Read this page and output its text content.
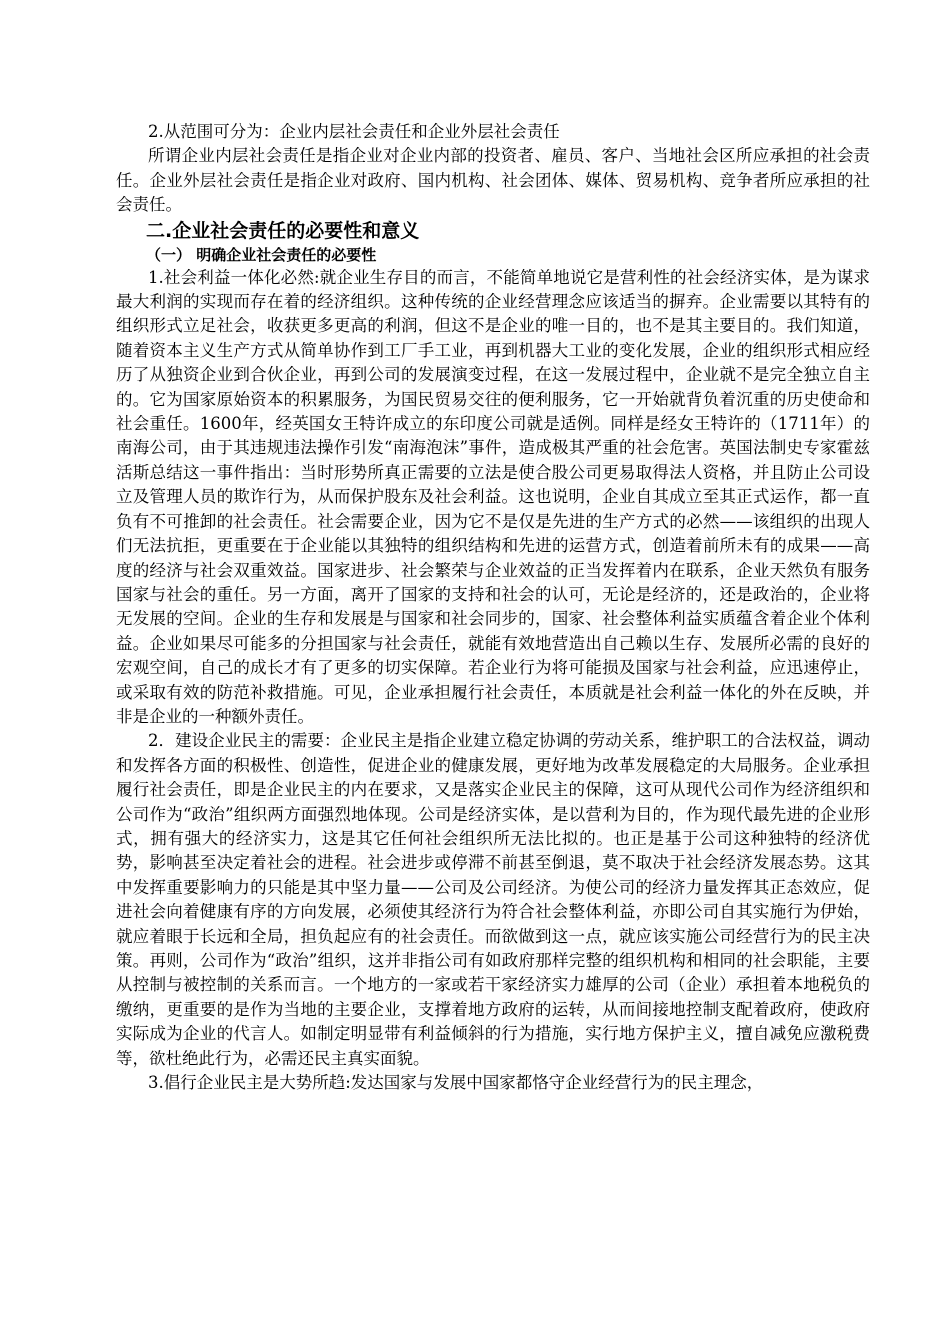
2.从范围可分为：企业内层社会责任和企业外层社会责任

所谓企业内层社会责任是指企业对企业内部的投资者、雇员、客户、当地社会区所应承担的社会责任。企业外层社会责任是指企业对政府、国内机构、社会团体、媒体、贸易机构、竞争者所应承担的社会责任。

二.企业社会责任的必要性和意义
（一） 明确企业社会责任的必要性

1.社会利益一体化必然:就企业生存目的而言，不能简单地说它是营利性的社会经济实体，是为谋求最大利润的实现而存在着的经济组织。这种传统的企业经营理念应该适当的摒弃。企业需要以其特有的组织形式立足社会，收获更多更高的利润，但这不是企业的唯一目的，也不是其主要目的。我们知道，随着资本主义生产方式从简单协作到工厂手工业，再到机器大工业的变化发展，企业的组织形式相应经历了从独资企业到合伙企业，再到公司的发展演变过程，在这一发展过程中，企业就不是完全独立自主的。它为国家原始资本的积累服务，为国民贸易交往的便利服务，它一开始就背负着沉重的历史使命和社会重任。1600年，经英国女王特许成立的东印度公司就是适例。同样是经女王特许的（1711年）的南海公司，由于其违规违法操作引发“南海泡沫”事件，造成极其严重的社会危害。英国法制史专家霍兹活斯总结这一事件指出：当时形势所真正需要的立法是使合股公司更易取得法人资格，并且防止公司设立及管理人员的欺诈行为，从而保护股东及社会利益。这也说明，企业自其成立至其正式运作，都一直负有不可推卸的社会责任。社会需要企业，因为它不是仅是先进的生产方式的必然——该组织的出现人们无法抗拒，更重要在于企业能以其独特的组织结构和先进的运营方式，创造着前所未有的成果——高度的经济与社会双重效益。国家进步、社会繁荣与企业效益的正当发挥着内在联系，企业天然负有服务国家与社会的重任。另一方面，离开了国家的支持和社会的认可，无论是经济的，还是政治的，企业将无发展的空间。企业的生存和发展是与国家和社会同步的，国家、社会整体利益实质蕴含着企业个体利益。企业如果尽可能多的分担国家与社会责任，就能有效地营造出自己赖以生存、发展所必需的良好的宏观空间，自己的成长才有了更多的切实保障。若企业行为将可能损及国家与社会利益，应迅速停止，或采取有效的防范补救措施。可见，企业承担履行社会责任，本质就是社会利益一体化的外在反映，并非是企业的一种额外责任。

2．建设企业民主的需要：企业民主是指企业建立稳定协调的劳动关系，维护职工的合法权益，调动和发挥各方面的积极性、创造性，促进企业的健康发展，更好地为改革发展稳定的大局服务。企业承担履行社会责任，即是企业民主的内在要求，又是落实企业民主的保障，这可从现代公司作为经济组织和公司作为“政治”组织两方面强烈地体现。公司是经济实体，是以营利为目的，作为现代最先进的企业形式，拥有强大的经济实力，这是其它任何社会组织所无法比拟的。也正是基于公司这种独特的经济优势，影响甚至决定着社会的进程。社会进步或停滞不前甚至倒退，莫不取决于社会经济发展态势。这其中发挥重要影响力的只能是其中坚力量——公司及公司经济。为使公司的经济力量发挥其正态效应，促进社会向着健康有序的方向发展，必须使其经济行为符合社会整体利益，亦即公司自其实施行为伊始，就应着眼于长远和全局，担负起应有的社会责任。而欲做到这一点，就应该实施公司经营行为的民主决策。再则，公司作为“政治”组织，这并非指公司有如政府那样完整的组织机构和相同的社会职能，主要从控制与被控制的关系而言。一个地方的一家或若干家经济实力雄厚的公司（企业）承担着本地税负的缴纳，更重要的是作为当地的主要企业，支撑着地方政府的运转，从而间接地控制支配着政府，使政府实际成为企业的代言人。如制定明显带有利益倾斜的行为措施，实行地方保护主义，擅自减免应激税费等，欲杜绝此行为，必需还民主真实面貌。

3.倡行企业民主是大势所趋:发达国家与发展中国家都恪守企业经营行为的民主理念，
